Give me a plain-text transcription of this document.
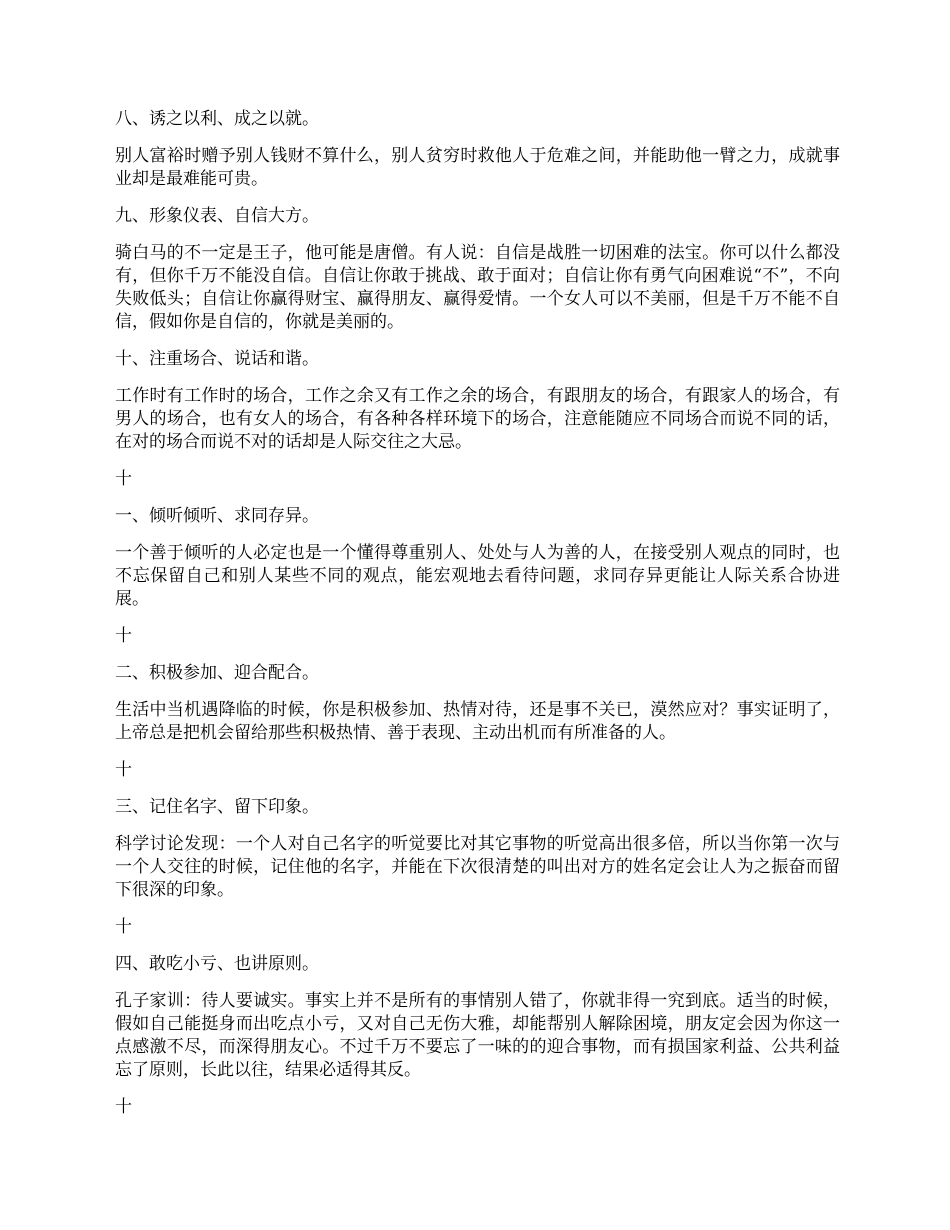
八、诱之以利、成之以就。

别人富裕时赠予别人钱财不算什么，别人贫穷时救他人于危难之间，并能助他一臂之力，成就事业却是最难能可贵。

九、形象仪表、自信大方。

骑白马的不一定是王子，他可能是唐僧。有人说：自信是战胜一切困难的法宝。你可以什么都没有，但你千万不能没自信。自信让你敢于挑战、敢于面对；自信让你有勇气向困难说“不”，不向失败低头；自信让你赢得财宝、赢得朋友、赢得爱情。一个女人可以不美丽，但是千万不能不自信，假如你是自信的，你就是美丽的。

十、注重场合、说话和谐。

工作时有工作时的场合，工作之余又有工作之余的场合，有跟朋友的场合，有跟家人的场合，有男人的场合，也有女人的场合，有各种各样环境下的场合，注意能随应不同场合而说不同的话，在对的场合而说不对的话却是人际交往之大忌。

十

一、倾听倾听、求同存异。

一个善于倾听的人必定也是一个懂得尊重别人、处处与人为善的人，在接受别人观点的同时，也不忘保留自己和别人某些不同的观点，能宏观地去看待问题，求同存异更能让人际关系合协进展。

十

二、积极参加、迎合配合。

生活中当机遇降临的时候，你是积极参加、热情对待，还是事不关已，漠然应对？事实证明了，上帝总是把机会留给那些积极热情、善于表现、主动出机而有所准备的人。

十

三、记住名字、留下印象。

科学讨论发现：一个人对自己名字的听觉要比对其它事物的听觉高出很多倍，所以当你第一次与一个人交往的时候，记住他的名字，并能在下次很清楚的叫出对方的姓名定会让人为之振奋而留下很深的印象。

十

四、敢吃小亏、也讲原则。

孔子家训：待人要诚实。事实上并不是所有的事情别人错了，你就非得一究到底。适当的时候，假如自己能挺身而出吃点小亏，又对自己无伤大雅，却能帮别人解除困境，朋友定会因为你这一点感激不尽，而深得朋友心。不过千万不要忘了一味的的迎合事物，而有损国家利益、公共利益忘了原则，长此以往，结果必适得其反。

十
